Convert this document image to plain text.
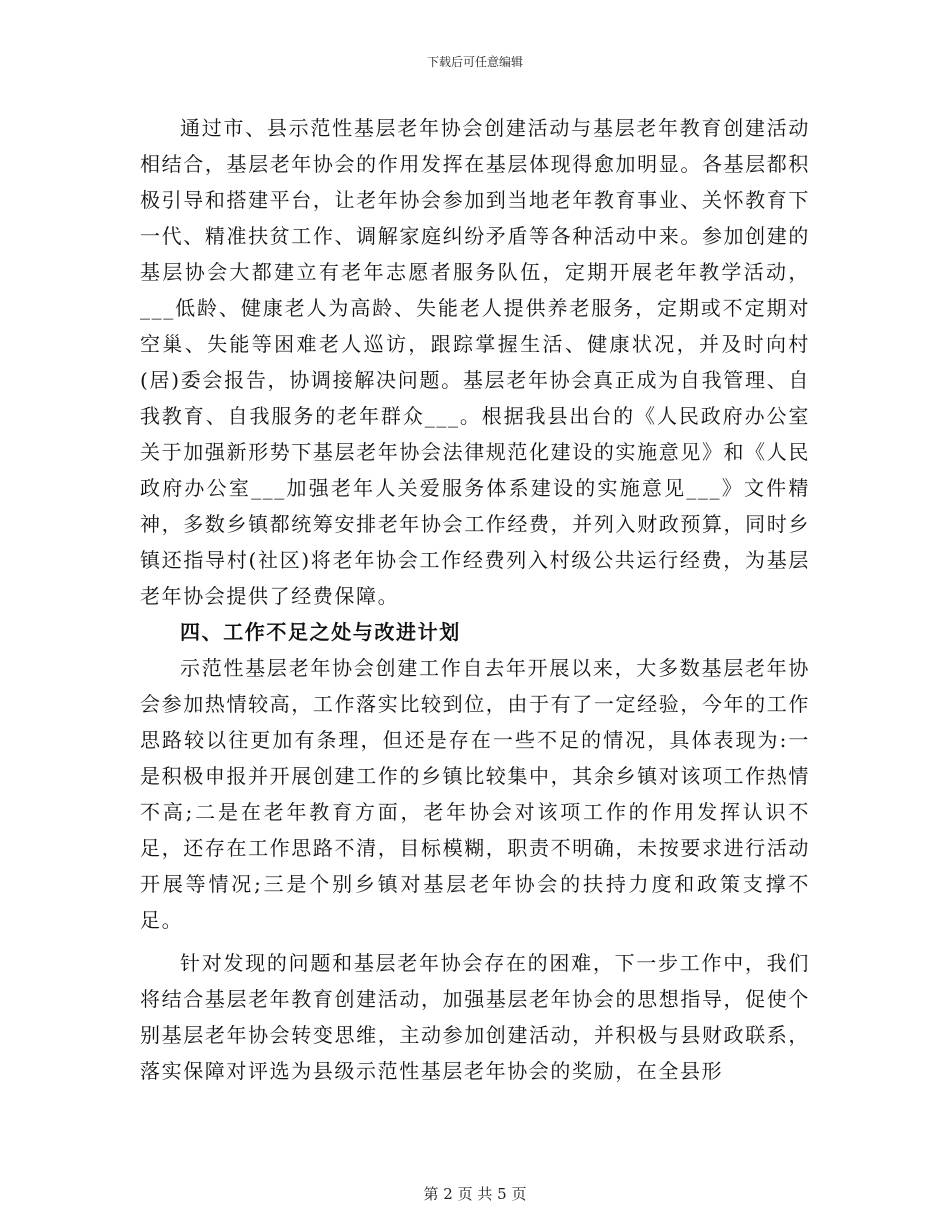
下载后可任意编辑

通过市、县示范性基层老年协会创建活动与基层老年教育创建活动相结合，基层老年协会的作用发挥在基层体现得愈加明显。各基层都积极引导和搭建平台，让老年协会参加到当地老年教育事业、关怀教育下一代、精准扶贫工作、调解家庭纠纷矛盾等各种活动中来。参加创建的基层协会大都建立有老年志愿者服务队伍，定期开展老年教学活动，___低龄、健康老人为高龄、失能老人提供养老服务，定期或不定期对空巢、失能等困难老人巡访，跟踪掌握生活、健康状况，并及时向村(居)委会报告，协调接解决问题。基层老年协会真正成为自我管理、自我教育、自我服务的老年群众___。根据我县出台的《人民政府办公室关于加强新形势下基层老年协会法律规范化建设的实施意见》和《人民政府办公室___加强老年人关爱服务体系建设的实施意见___》文件精神，多数乡镇都统筹安排老年协会工作经费，并列入财政预算，同时乡镇还指导村(社区)将老年协会工作经费列入村级公共运行经费，为基层老年协会提供了经费保障。

四、工作不足之处与改进计划

示范性基层老年协会创建工作自去年开展以来，大多数基层老年协会参加热情较高，工作落实比较到位，由于有了一定经验，今年的工作思路较以往更加有条理，但还是存在一些不足的情况，具体表现为:一是积极申报并开展创建工作的乡镇比较集中，其余乡镇对该项工作热情不高;二是在老年教育方面，老年协会对该项工作的作用发挥认识不足，还存在工作思路不清，目标模糊，职责不明确，未按要求进行活动开展等情况;三是个别乡镇对基层老年协会的扶持力度和政策支撑不足。

针对发现的问题和基层老年协会存在的困难，下一步工作中，我们将结合基层老年教育创建活动，加强基层老年协会的思想指导，促使个别基层老年协会转变思维，主动参加创建活动，并积极与县财政联系，落实保障对评选为县级示范性基层老年协会的奖励，在全县形

第 2 页 共 5 页
